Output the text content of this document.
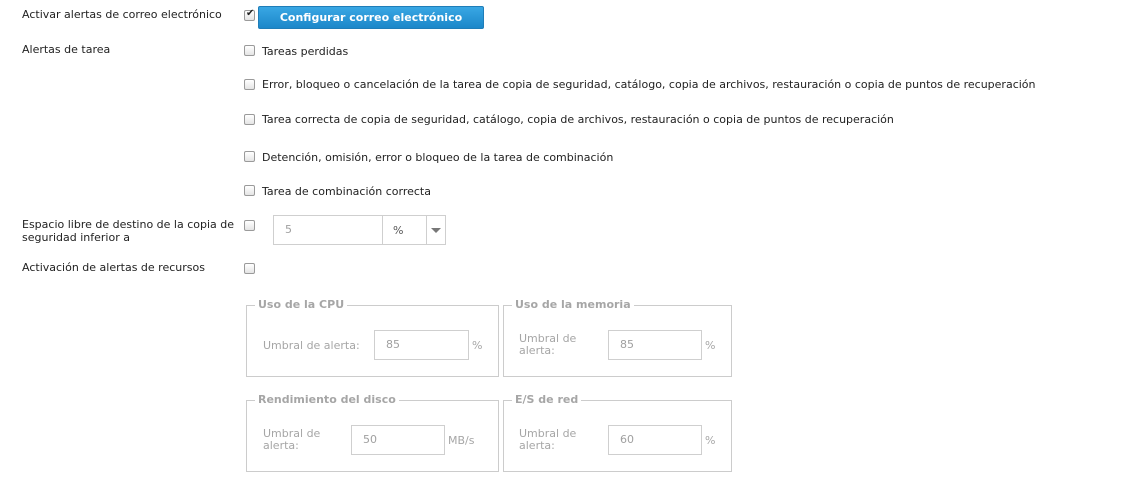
Activar alertas de correo electrónico
✔	Configurar correo electrónico
Alertas de tarea	Tareas perdidas
Error, bloqueo o cancelación de la tarea de copia de seguridad, catálogo, copia de archivos, restauración o copia de puntos de recuperación
Tarea correcta de copia de seguridad, catálogo, copia de archivos, restauración o copia de puntos de recuperación
Detención, omisión, error o bloqueo de la tarea de combinación
Tarea de combinación correcta
Espacio libre de destino de la copia de
seguridad inferior a
5	%
Activación de alertas de recursos
Uso de la CPU
Umbral de alerta:	85	%
Uso de la memoria
Umbral de
alerta:	85	%
Rendimiento del disco
Umbral de
alerta:	50	MB/s
E/S de red
Umbral de
alerta:	60	%
